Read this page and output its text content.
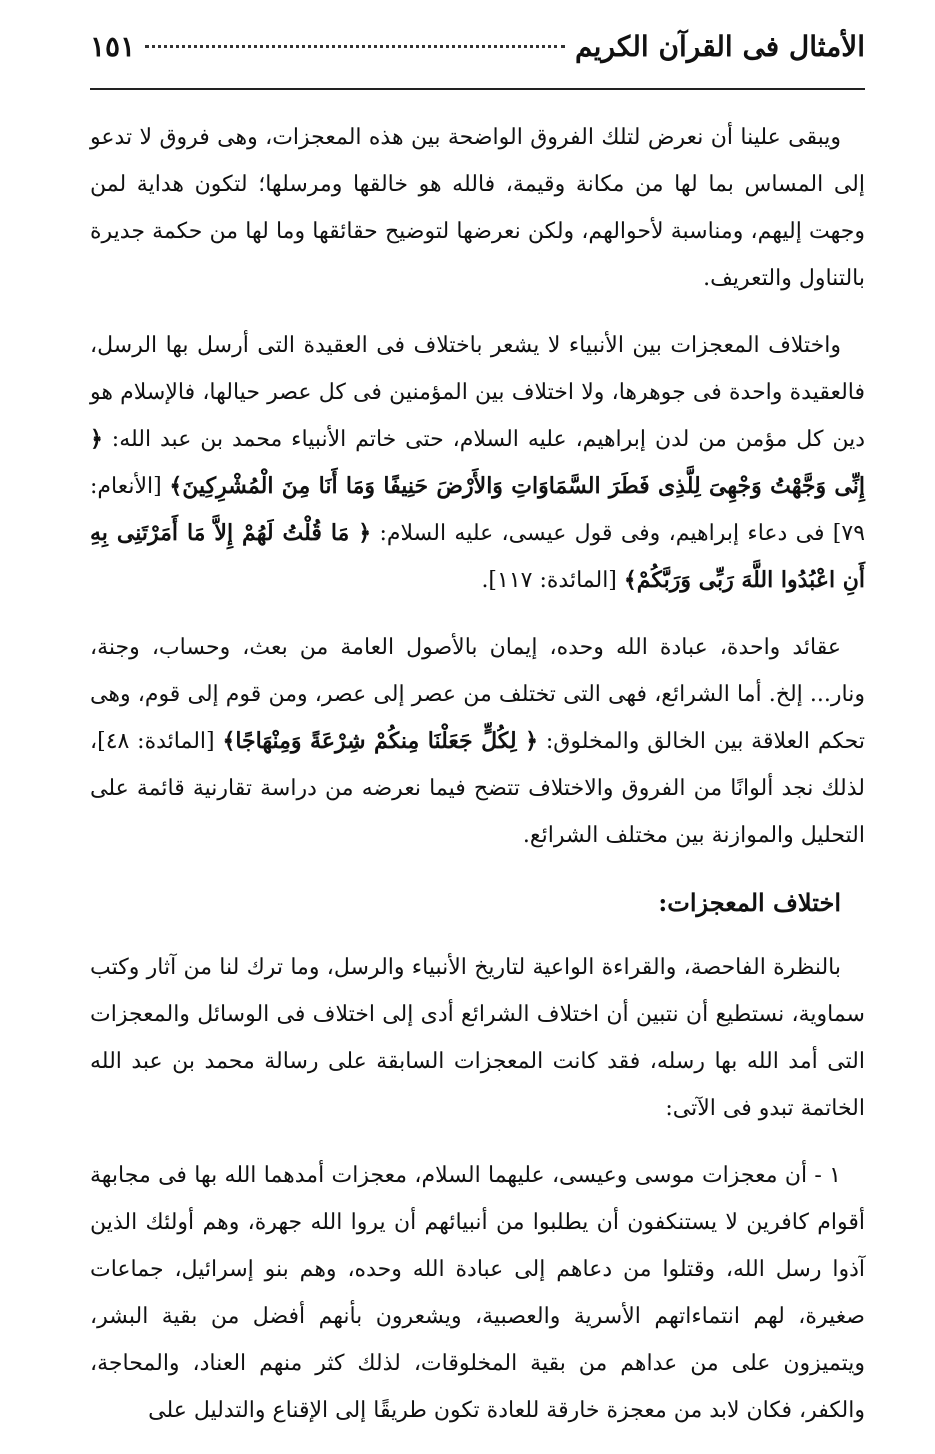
الأمثال فى القرآن الكريم
١٥١

ويبقى علينا أن نعرض لتلك الفروق الواضحة بين هذه المعجزات، وهى فروق لا تدعو إلى المساس بما لها من مكانة وقيمة، فالله هو خالقها ومرسلها؛ لتكون هداية لمن وجهت إليهم، ومناسبة لأحوالهم، ولكن نعرضها لتوضيح حقائقها وما لها من حكمة جديرة بالتناول والتعريف.

واختلاف المعجزات بين الأنبياء لا يشعر باختلاف فى العقيدة التى أرسل بها الرسل، فالعقيدة واحدة فى جوهرها، ولا اختلاف بين المؤمنين فى كل عصر حيالها، فالإسلام هو دين كل مؤمن من لدن إبراهيم، عليه السلام، حتى خاتم الأنبياء محمد بن عبد الله: ﴿ إِنِّى وَجَّهْتُ وَجْهِىَ لِلَّذِى فَطَرَ السَّمَاوَاتِ وَالأَرْضَ حَنِيفًا وَمَا أَنَا مِنَ الْمُشْرِكِينَ﴾ [الأنعام: ٧٩] فى دعاء إبراهيم، وفى قول عيسى، عليه السلام: ﴿ مَا قُلْتُ لَهُمْ إِلاَّ مَا أَمَرْتَنِى بِهِ أَنِ اعْبُدُوا اللَّهَ رَبِّى وَرَبَّكُمْ﴾ [المائدة: ١١٧].

عقائد واحدة، عبادة الله وحده، إيمان بالأصول العامة من بعث، وحساب، وجنة، ونار... إلخ. أما الشرائع، فهى التى تختلف من عصر إلى عصر، ومن قوم إلى قوم، وهى تحكم العلاقة بين الخالق والمخلوق: ﴿ لِكُلٍّ جَعَلْنَا مِنكُمْ شِرْعَةً وَمِنْهَاجًا﴾ [المائدة: ٤٨]، لذلك نجد ألوانًا من الفروق والاختلاف تتضح فيما نعرضه من دراسة تقارنية قائمة على التحليل والموازنة بين مختلف الشرائع.

اختلاف المعجزات:

بالنظرة الفاحصة، والقراءة الواعية لتاريخ الأنبياء والرسل، وما ترك لنا من آثار وكتب سماوية، نستطيع أن نتبين أن اختلاف الشرائع أدى إلى اختلاف فى الوسائل والمعجزات التى أمد الله بها رسله، فقد كانت المعجزات السابقة على رسالة محمد بن عبد الله الخاتمة تبدو فى الآتى:

١ - أن معجزات موسى وعيسى، عليهما السلام، معجزات أمدهما الله بها فى مجابهة أقوام كافرين لا يستنكفون أن يطلبوا من أنبيائهم أن يروا الله جهرة، وهم أولئك الذين آذوا رسل الله، وقتلوا من دعاهم إلى عبادة الله وحده، وهم بنو إسرائيل، جماعات صغيرة، لهم انتماءاتهم الأسرية والعصبية، ويشعرون بأنهم أفضل من بقية البشر، ويتميزون على من عداهم من بقية المخلوقات، لذلك كثر منهم العناد، والمحاجة، والكفر، فكان لابد من معجزة خارقة للعادة تكون طريقًا إلى الإقناع والتدليل على
